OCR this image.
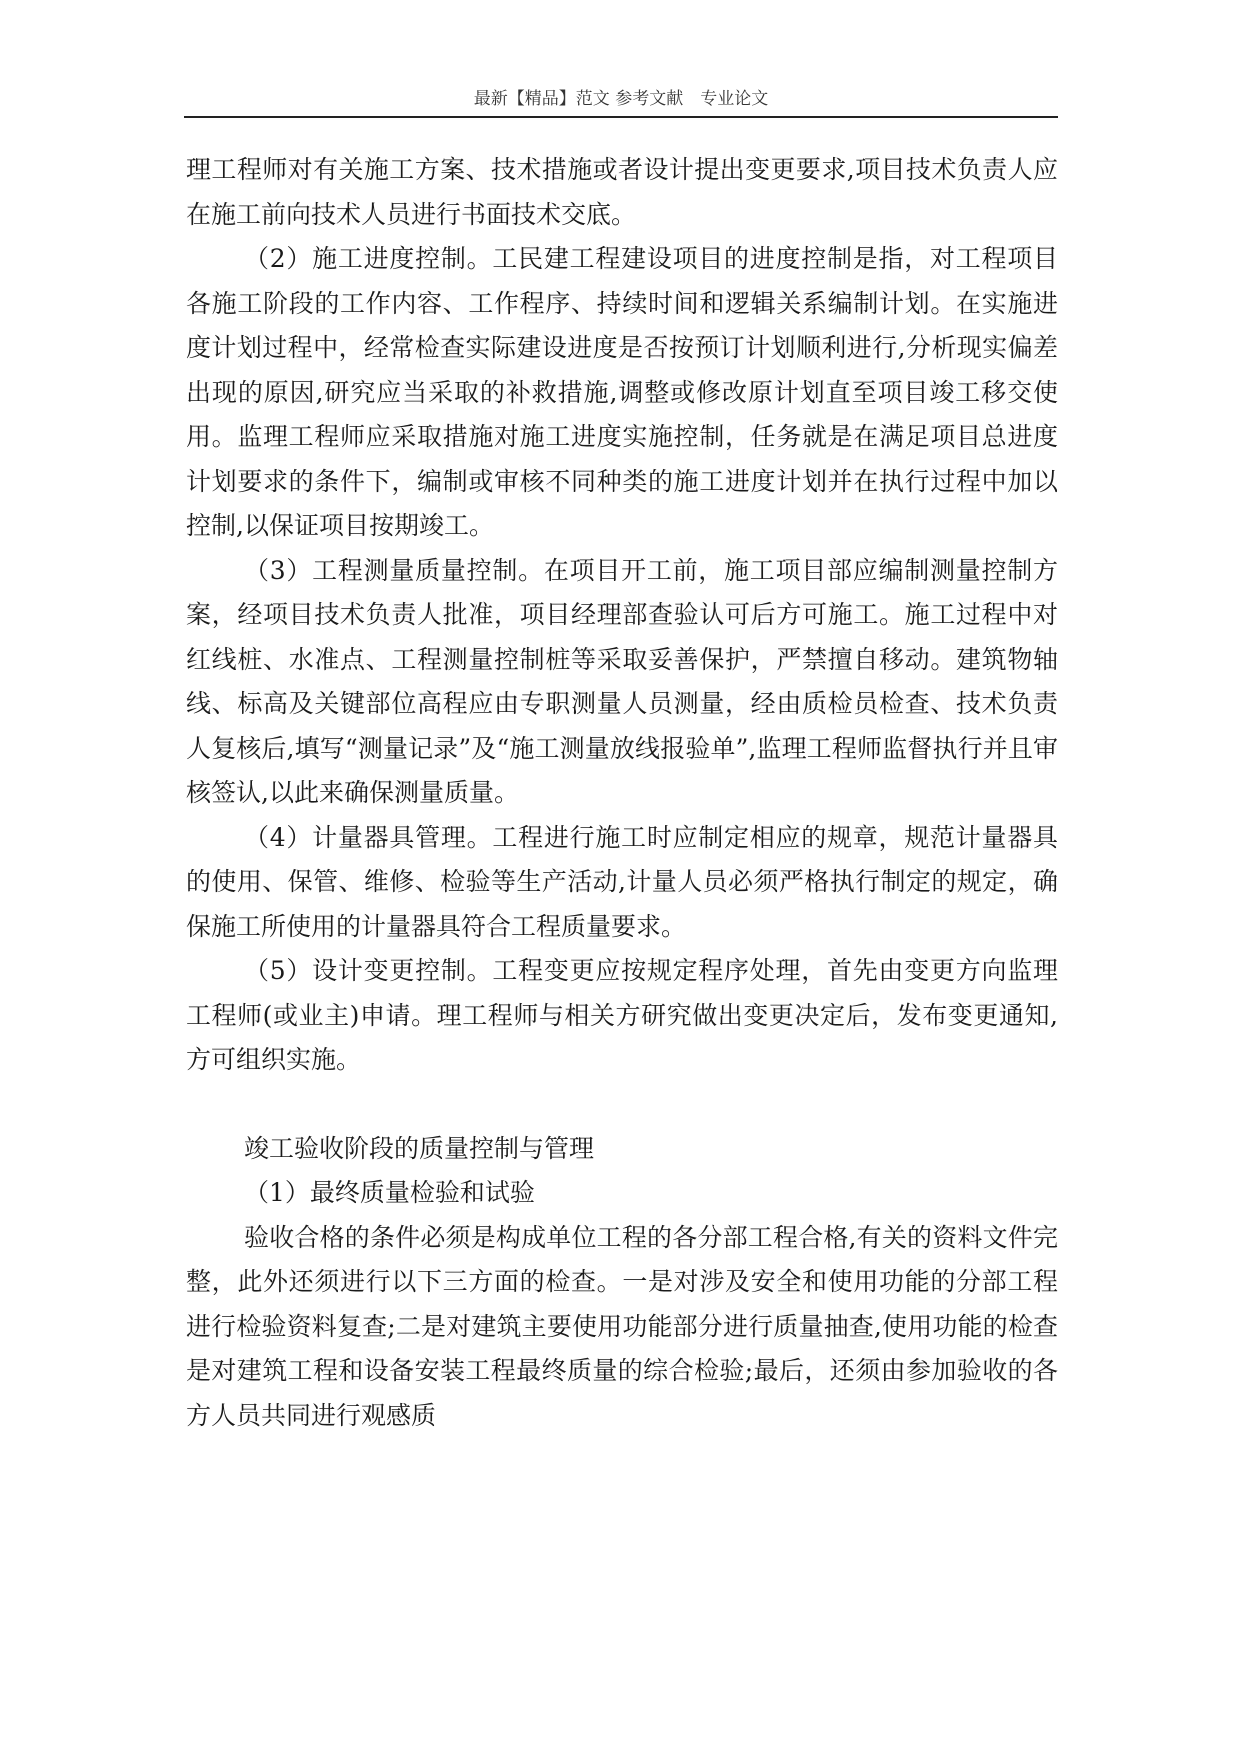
最新【精品】范文 参考文献　专业论文

理工程师对有关施工方案、技术措施或者设计提出变更要求,项目技术负责人应在施工前向技术人员进行书面技术交底。

（2）施工进度控制。工民建工程建设项目的进度控制是指，对工程项目各施工阶段的工作内容、工作程序、持续时间和逻辑关系编制计划。在实施进度计划过程中，经常检查实际建设进度是否按预订计划顺利进行,分析现实偏差出现的原因,研究应当采取的补救措施,调整或修改原计划直至项目竣工移交使用。监理工程师应采取措施对施工进度实施控制，任务就是在满足项目总进度计划要求的条件下，编制或审核不同种类的施工进度计划并在执行过程中加以控制,以保证项目按期竣工。

（3）工程测量质量控制。在项目开工前，施工项目部应编制测量控制方案，经项目技术负责人批准，项目经理部查验认可后方可施工。施工过程中对红线桩、水准点、工程测量控制桩等采取妥善保护，严禁擅自移动。建筑物轴线、标高及关键部位高程应由专职测量人员测量，经由质检员检查、技术负责人复核后,填写“测量记录”及“施工测量放线报验单”,监理工程师监督执行并且审核签认,以此来确保测量质量。

（4）计量器具管理。工程进行施工时应制定相应的规章，规范计量器具的使用、保管、维修、检验等生产活动,计量人员必须严格执行制定的规定，确保施工所使用的计量器具符合工程质量要求。

（5）设计变更控制。工程变更应按规定程序处理，首先由变更方向监理工程师(或业主)申请。理工程师与相关方研究做出变更决定后，发布变更通知,方可组织实施。

竣工验收阶段的质量控制与管理

（1）最终质量检验和试验

验收合格的条件必须是构成单位工程的各分部工程合格,有关的资料文件完整，此外还须进行以下三方面的检查。一是对涉及安全和使用功能的分部工程进行检验资料复查;二是对建筑主要使用功能部分进行质量抽查,使用功能的检查是对建筑工程和设备安装工程最终质量的综合检验;最后，还须由参加验收的各方人员共同进行观感质
